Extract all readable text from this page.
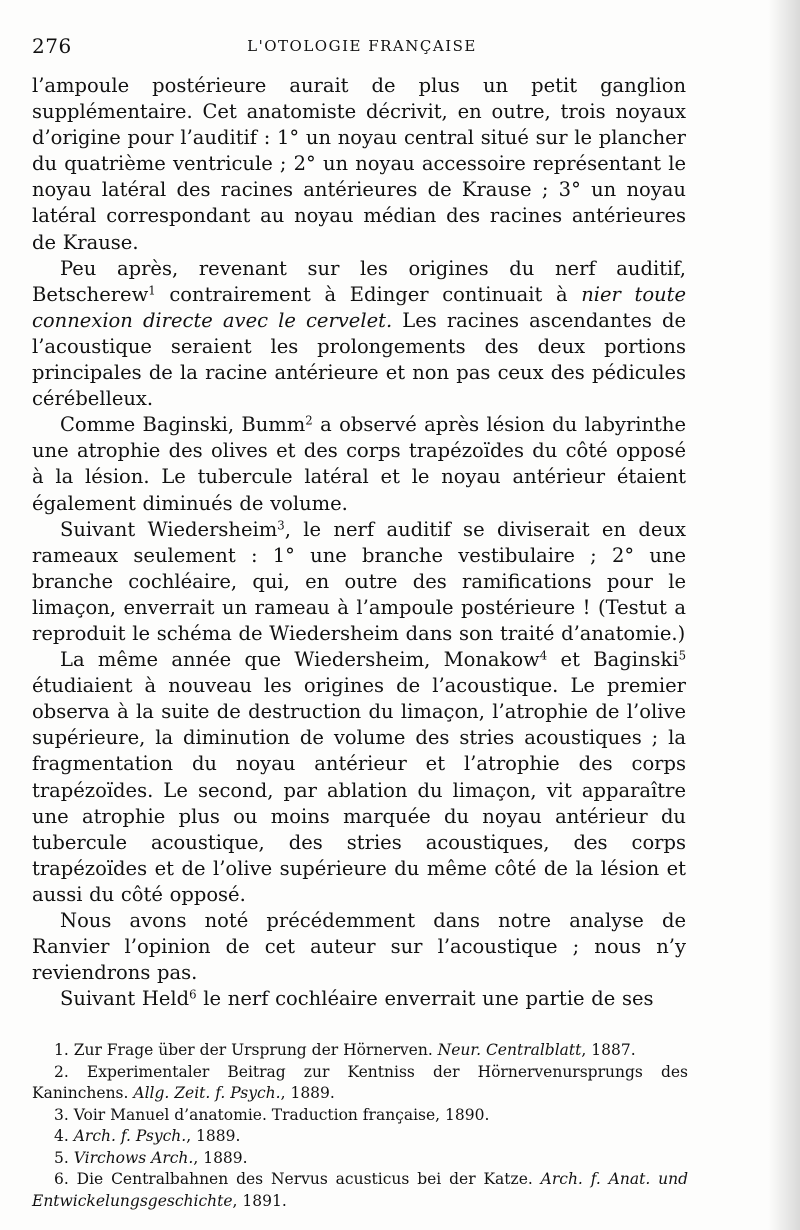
276	L'OTOLOGIE FRANÇAISE

l’ampoule postérieure aurait de plus un petit ganglion supplémentaire. Cet anatomiste décrivit, en outre, trois noyaux d’origine pour l’auditif : 1° un noyau central situé sur le plancher du quatrième ventricule ; 2° un noyau accessoire représentant le noyau latéral des racines antérieures de Krause ; 3° un noyau latéral correspondant au noyau médian des racines antérieures de Krause.

Peu après, revenant sur les origines du nerf auditif, Betscherew$^1$ contrairement à Edinger continuait à nier toute connexion directe avec le cervelet. Les racines ascendantes de l’acoustique seraient les prolongements des deux portions principales de la racine antérieure et non pas ceux des pédicules cérébelleux.

Comme Baginski, Bumm$^2$ a observé après lésion du labyrinthe une atrophie des olives et des corps trapézoïdes du côté opposé à la lésion. Le tubercule latéral et le noyau antérieur étaient également diminués de volume.

Suivant Wiedersheim$^3$, le nerf auditif se diviserait en deux rameaux seulement : 1° une branche vestibulaire ; 2° une branche cochléaire, qui, en outre des ramifications pour le limaçon, enverrait un rameau à l’ampoule postérieure ! (Testut a reproduit le schéma de Wiedersheim dans son traité d’anatomie.)

La même année que Wiedersheim, Monakow$^4$ et Baginski$^5$ étudiaient à nouveau les origines de l’acoustique. Le premier observa à la suite de destruction du limaçon, l’atrophie de l’olive supérieure, la diminution de volume des stries acoustiques ; la fragmentation du noyau antérieur et l’atrophie des corps trapézoïdes. Le second, par ablation du limaçon, vit apparaître une atrophie plus ou moins marquée du noyau antérieur du tubercule acoustique, des stries acoustiques, des corps trapézoïdes et de l’olive supérieure du même côté de la lésion et aussi du côté opposé.

Nous avons noté précédemment dans notre analyse de Ranvier l’opinion de cet auteur sur l’acoustique ; nous n’y reviendrons pas.

Suivant Held$^6$ le nerf cochléaire enverrait une partie de ses

1. Zur Frage über der Ursprung der Hörnerven. Neur. Centralblatt, 1887.

2. Experimentaler Beitrag zur Kentniss der Hörnervenursprungs des Kaninchens. Allg. Zeit. f. Psych., 1889.

3. Voir Manuel d’anatomie. Traduction française, 1890.

4. Arch. f. Psych., 1889.

5. Virchows Arch., 1889.

6. Die Centralbahnen des Nervus acusticus bei der Katze. Arch. f. Anat. und Entwickelungsgeschichte, 1891.
